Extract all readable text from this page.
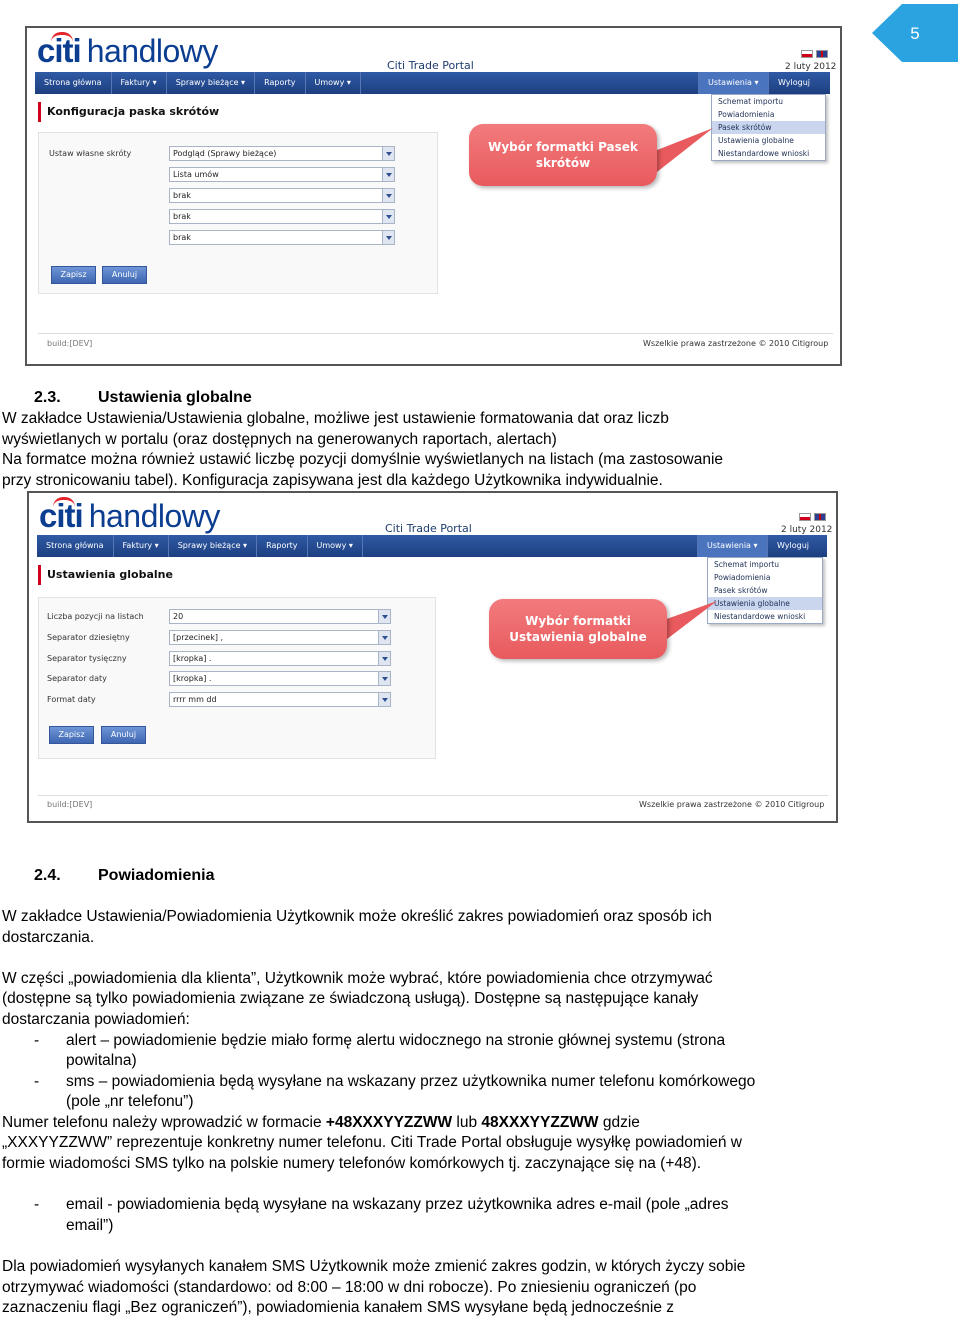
5
citi handlowy	Citi Trade Portal	2 luty 2012
Strona główna	Faktury ▾	Sprawy bieżące ▾	Raporty	Umowy ▾	Ustawienia ▾	Wyloguj
Konfiguracja paska skrótów
Ustaw własne skróty	Podgląd (Sprawy bieżące)
Lista umów
brak
brak
brak
Zapisz	Anuluj
Schemat importu
Powiadomienia
Pasek skrótów
Ustawienia globalne
Niestandardowe wnioski
Wybór formatki Pasek
skrótów
build:[DEV]	Wszelkie prawa zastrzeżone © 2010 Citigroup
2.3. Ustawienia globalne
W zakładce Ustawienia/Ustawienia globalne, możliwe jest ustawienie formatowania dat oraz liczb
wyświetlanych w portalu (oraz dostępnych na generowanych raportach, alertach)
Na formatce można również ustawić liczbę pozycji domyślnie wyświetlanych na listach (ma zastosowanie
przy stronicowaniu tabel). Konfiguracja zapisywana jest dla każdego Użytkownika indywidualnie.
citi handlowy	Citi Trade Portal	2 luty 2012
Strona główna	Faktury ▾	Sprawy bieżące ▾	Raporty	Umowy ▾	Ustawienia ▾	Wyloguj
Ustawienia globalne
Liczba pozycji na listach	20
Separator dziesiętny	[przecinek] ,
Separator tysięczny	[kropka] .
Separator daty	[kropka] .
Format daty	rrrr mm dd
Zapisz	Anuluj
Schemat importu
Powiadomienia
Pasek skrótów
Ustawienia globalne
Niestandardowe wnioski
Wybór formatki
Ustawienia globalne
build:[DEV]	Wszelkie prawa zastrzeżone © 2010 Citigroup
2.4. Powiadomienia
W zakładce Ustawienia/Powiadomienia Użytkownik może określić zakres powiadomień oraz sposób ich
dostarczania.
W części „powiadomienia dla klienta”, Użytkownik może wybrać, które powiadomienia chce otrzymywać
(dostępne są tylko powiadomienia związane ze świadczoną usługą). Dostępne są następujące kanały
dostarczania powiadomień:
- alert – powiadomienie będzie miało formę alertu widocznego na stronie głównej systemu (strona
powitalna)
- sms – powiadomienia będą wysyłane na wskazany przez użytkownika numer telefonu komórkowego
(pole „nr telefonu”)
Numer telefonu należy wprowadzić w formacie +48XXXYYZZWW lub 48XXXYYZZWW gdzie
„XXXYYZZWW” reprezentuje konkretny numer telefonu. Citi Trade Portal obsługuje wysyłkę powiadomień w
formie wiadomości SMS tylko na polskie numery telefonów komórkowych tj. zaczynające się na (+48).
- email - powiadomienia będą wysyłane na wskazany przez użytkownika adres e-mail (pole „adres
email”)
Dla powiadomień wysyłanych kanałem SMS Użytkownik może zmienić zakres godzin, w których życzy sobie
otrzymywać wiadomości (standardowo: od 8:00 – 18:00 w dni robocze). Po zniesieniu ograniczeń (po
zaznaczeniu flagi „Bez ograniczeń”), powiadomienia kanałem SMS wysyłane będą jednocześnie z
